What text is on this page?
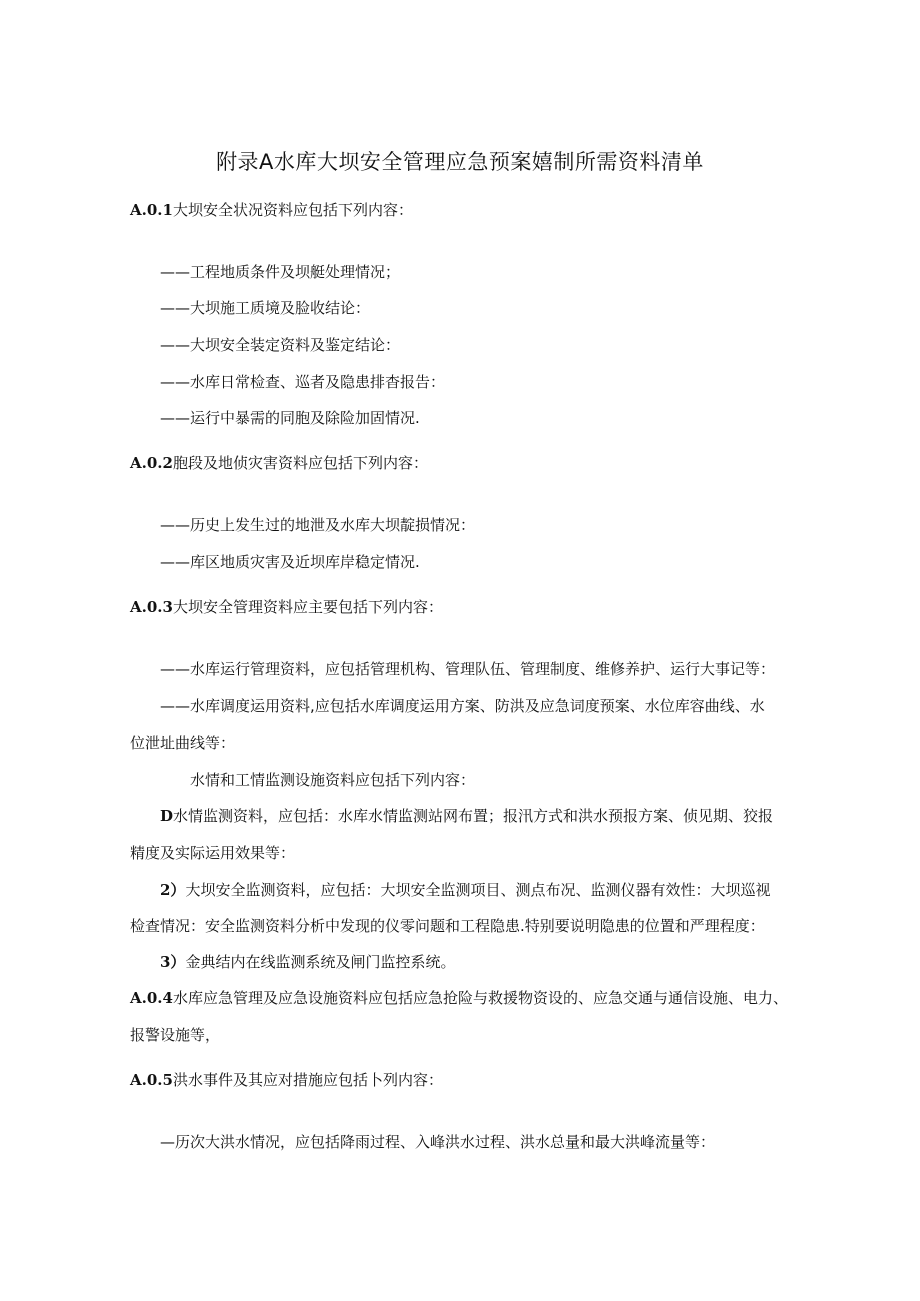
附录A水库大坝安全管理应急预案嬉制所需资料清单
A.0.1大坝安全状况资料应包括下列内容：
——工程地质条件及坝艇处理情况；
——大坝施工质境及脸收结论：
——大坝安全装定资料及鉴定结论：
——水库日常检查、巡者及隐患排杳报告：
——运行中暴需的同胞及除险加固情况.
A.0.2胞段及地侦灾害资料应包括下列内容：
——历史上发生过的地泄及水库大坝靛损情况：
——库区地质灾害及近坝库岸稳定情况.
A.0.3大坝安全管理资料应主要包括下列内容：
——水库运行管理资料，应包括管理机构、管理队伍、管理制度、维修养护、运行大事记等：
——水库调度运用资料,应包括水库调度运用方案、防洪及应急词度预案、水位库容曲线、水
位泄址曲线等：
水情和工情监测设施资料应包括下列内容：
D水情监测资料，应包括：水库水情监测站网布置；报汛方式和洪水预报方案、侦见期、狡报
精度及实际运用效果等：
2）大坝安全监测资料，应包括：大坝安全监测项目、测点布况、监测仪器有效性：大坝巡视
检查情况：安全监测资料分析中发现的仪零问题和工程隐患.特别要说明隐患的位置和严理程度：
3）金典结内在线监测系统及闸门监控系统。
A.0.4水库应急管理及应急设施资料应包括应急抢险与救援物资设的、应急交通与通信设施、电力、
报警设施等，
A.0.5洪水事件及其应对措施应包括卜列内容：
—历次大洪水情况，应包括降雨过程、入峰洪水过程、洪水总量和最大洪峰流量等：
